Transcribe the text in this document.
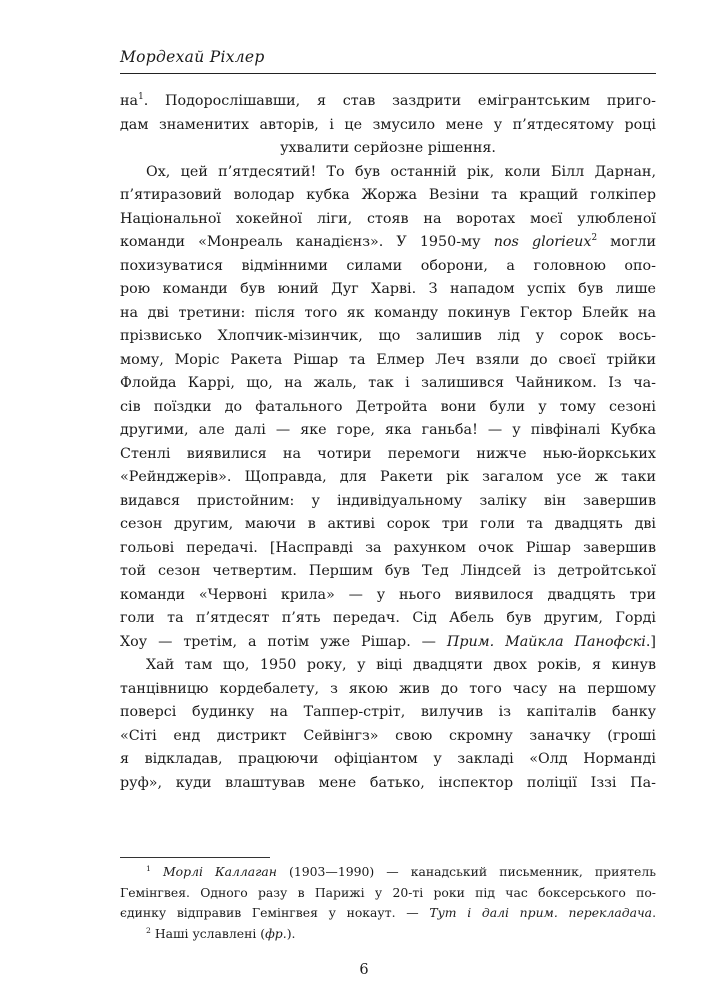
Мордехай Ріхлер
$на^1$. Подорослішавши, я став заздрити емігрантським приго-
дам знаменитих авторів, і це змусило мене у п’ятдесятому році
ухвалити серйозне рішення.
Ох, цей п’ятдесятий! То був останній рік, коли Білл Дарнан,
п’ятиразовий володар кубка Жоржа Везіни та кращий голкіпер
Національної хокейної ліги, стояв на воротах моєї улюбленої
команди «Монреаль канадієнз». У 1950-му nos glorieux$^2$ могли
похизуватися відмінними силами оборони, а головною опо-
рою команди був юний Дуг Харві. З нападом успіх був лише
на дві третини: після того як команду покинув Гектор Блейк на
прізвисько Хлопчик-мізинчик, що залишив лід у сорок вось-
мому, Моріс Ракета Рішар та Елмер Леч взяли до своєї трійки
Флойда Каррі, що, на жаль, так і залишився Чайником. Із ча-
сів поїздки до фатального Детройта вони були у тому сезоні
другими, але далі — яке горе, яка ганьба! — у півфіналі Кубка
Стенлі виявилися на чотири перемоги нижче нью-йоркських
«Рейнджерів». Щоправда, для Ракети рік загалом усе ж таки
видався пристойним: у індивідуальному заліку він завершив
сезон другим, маючи в активі сорок три голи та двадцять дві
гольові передачі. [Насправді за рахунком очок Рішар завершив
той сезон четвертим. Першим був Тед Ліндсей із детройтської
команди «Червоні крила» — у нього виявилося двадцять три
голи та п’ятдесят п’ять передач. Сід Абель був другим, Горді
Хоу — третім, а потім уже Рішар. — Прим. Майкла Панофскі.]
Хай там що, 1950 року, у віці двадцяти двох років, я кинув
танцівницю кордебалету, з якою жив до того часу на першому
поверсі будинку на Таппер-стріт, вилучив із капіталів банку
«Сіті енд дистрикт Сейвінгз» свою скромну заначку (гроші
я відкладав, працюючи офіціантом у закладі «Олд Норманді
руф», куди влаштував мене батько, інспектор поліції Іззі Па-
$^1$ Морлі Каллаган (1903—1990) — канадський письменник, приятель
Гемінгвея. Одного разу в Парижі у 20-ті роки під час боксерського по-
єдинку відправив Гемінгвея у нокаут. — Тут і далі прим. перекладача.
$^2$ Наші уславлені (фр.).
6
